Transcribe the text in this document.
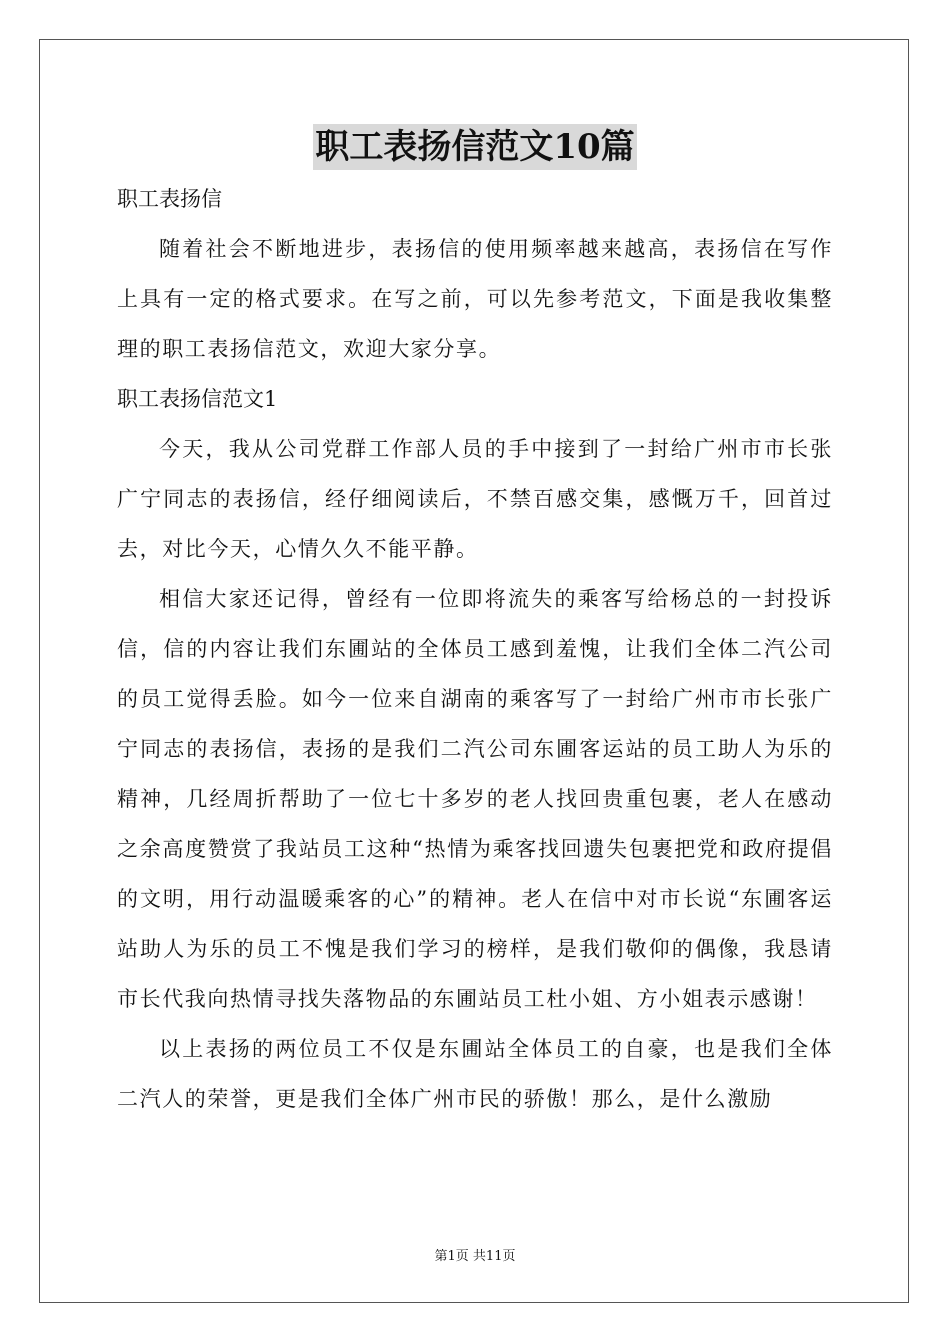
职工表扬信范文10篇

职工表扬信

随着社会不断地进步，表扬信的使用频率越来越高，表扬信在写作上具有一定的格式要求。在写之前，可以先参考范文，下面是我收集整理的职工表扬信范文，欢迎大家分享。

职工表扬信范文1

今天，我从公司党群工作部人员的手中接到了一封给广州市市长张广宁同志的表扬信，经仔细阅读后，不禁百感交集，感慨万千，回首过去，对比今天，心情久久不能平静。

相信大家还记得，曾经有一位即将流失的乘客写给杨总的一封投诉信，信的内容让我们东圃站的全体员工感到羞愧，让我们全体二汽公司的员工觉得丢脸。如今一位来自湖南的乘客写了一封给广州市市长张广宁同志的表扬信，表扬的是我们二汽公司东圃客运站的员工助人为乐的精神，几经周折帮助了一位七十多岁的老人找回贵重包裹，老人在感动之余高度赞赏了我站员工这种“热情为乘客找回遗失包裹把党和政府提倡的文明，用行动温暖乘客的心”的精神。老人在信中对市长说“东圃客运站助人为乐的员工不愧是我们学习的榜样，是我们敬仰的偶像，我恳请市长代我向热情寻找失落物品的东圃站员工杜小姐、方小姐表示感谢！

以上表扬的两位员工不仅是东圃站全体员工的自豪，也是我们全体二汽人的荣誉，更是我们全体广州市民的骄傲！那么，是什么激励

第1页 共11页
